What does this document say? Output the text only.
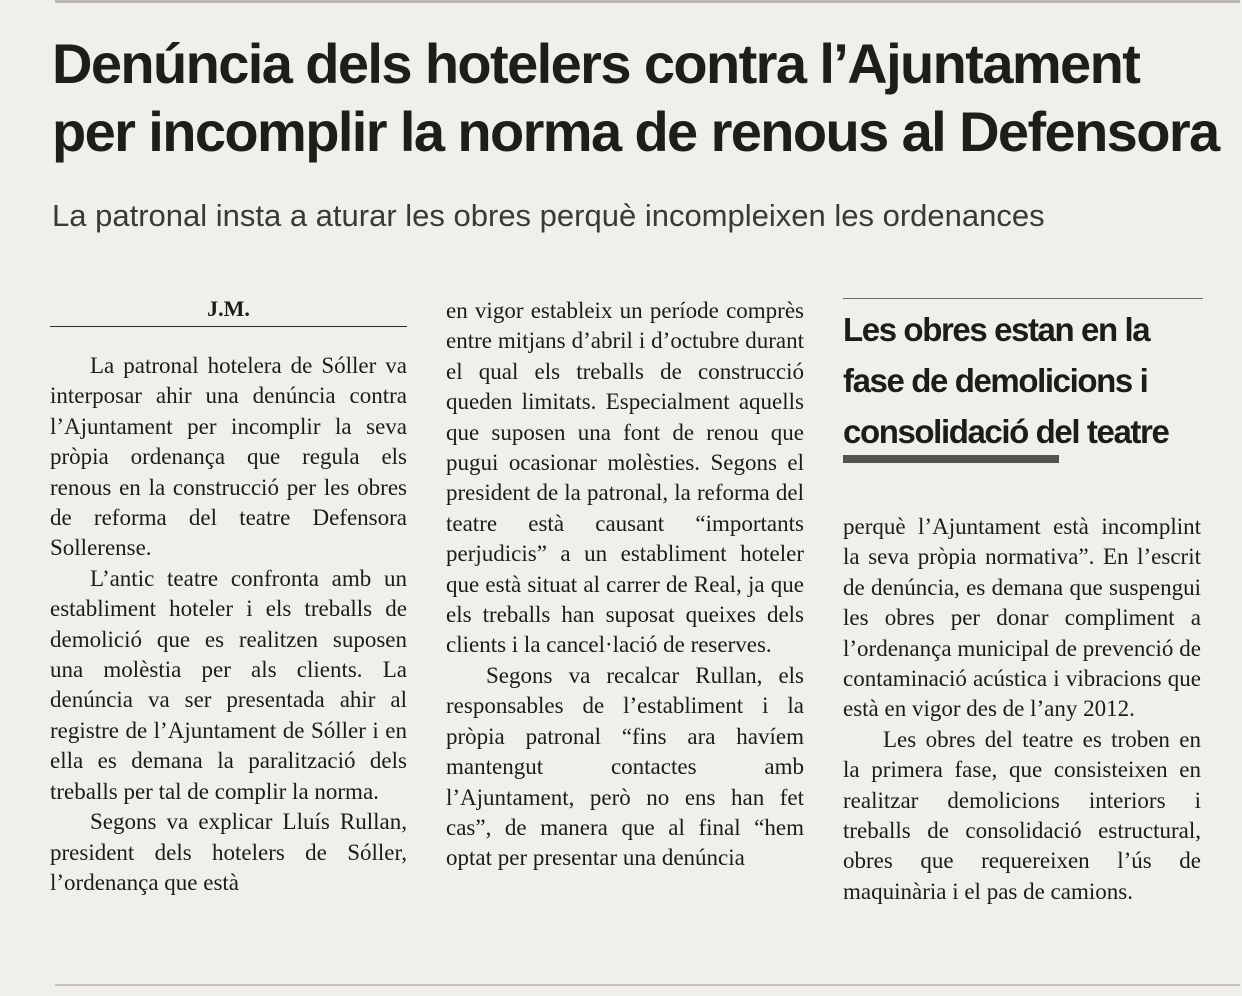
Denúncia dels hotelers contra l’Ajuntament
per incomplir la norma de renous al Defensora

La patronal insta a aturar les obres perquè incompleixen les ordenances

J.M.

La patronal hotelera de Sóller va interposar ahir una denúncia contra l’Ajuntament per incomplir la seva pròpia ordenança que regula els renous en la construcció per les obres de reforma del teatre Defensora Sollerense.

L’antic teatre confronta amb un establiment hoteler i els treballs de demolició que es realitzen suposen una molèstia per als clients. La denúncia va ser presentada ahir al registre de l’Ajuntament de Sóller i en ella es demana la paralització dels treballs per tal de complir la norma.

Segons va explicar Lluís Rullan, president dels hotelers de Sóller, l’ordenança que està

en vigor estableix un període comprès entre mitjans d’abril i d’octubre durant el qual els treballs de construcció queden limitats. Especialment aquells que suposen una font de renou que pugui ocasionar molèsties. Segons el president de la patronal, la reforma del teatre està causant “importants perjudicis” a un establiment hoteler que està situat al carrer de Real, ja que els treballs han suposat queixes dels clients i la cancel·lació de reserves.

Segons va recalcar Rullan, els responsables de l’establiment i la pròpia patronal “fins ara havíem mantengut contactes amb l’Ajuntament, però no ens han fet cas”, de manera que al final “hem optat per presentar una denúncia

Les obres estan en la
fase de demolicions i
consolidació del teatre

perquè l’Ajuntament està incomplint la seva pròpia normativa”. En l’escrit de denúncia, es demana que suspengui les obres per donar compliment a l’ordenança municipal de prevenció de contaminació acústica i vibracions que està en vigor des de l’any 2012.

Les obres del teatre es troben en la primera fase, que consisteixen en realitzar demolicions interiors i treballs de consolidació estructural, obres que requereixen l’ús de maquinària i el pas de camions.
